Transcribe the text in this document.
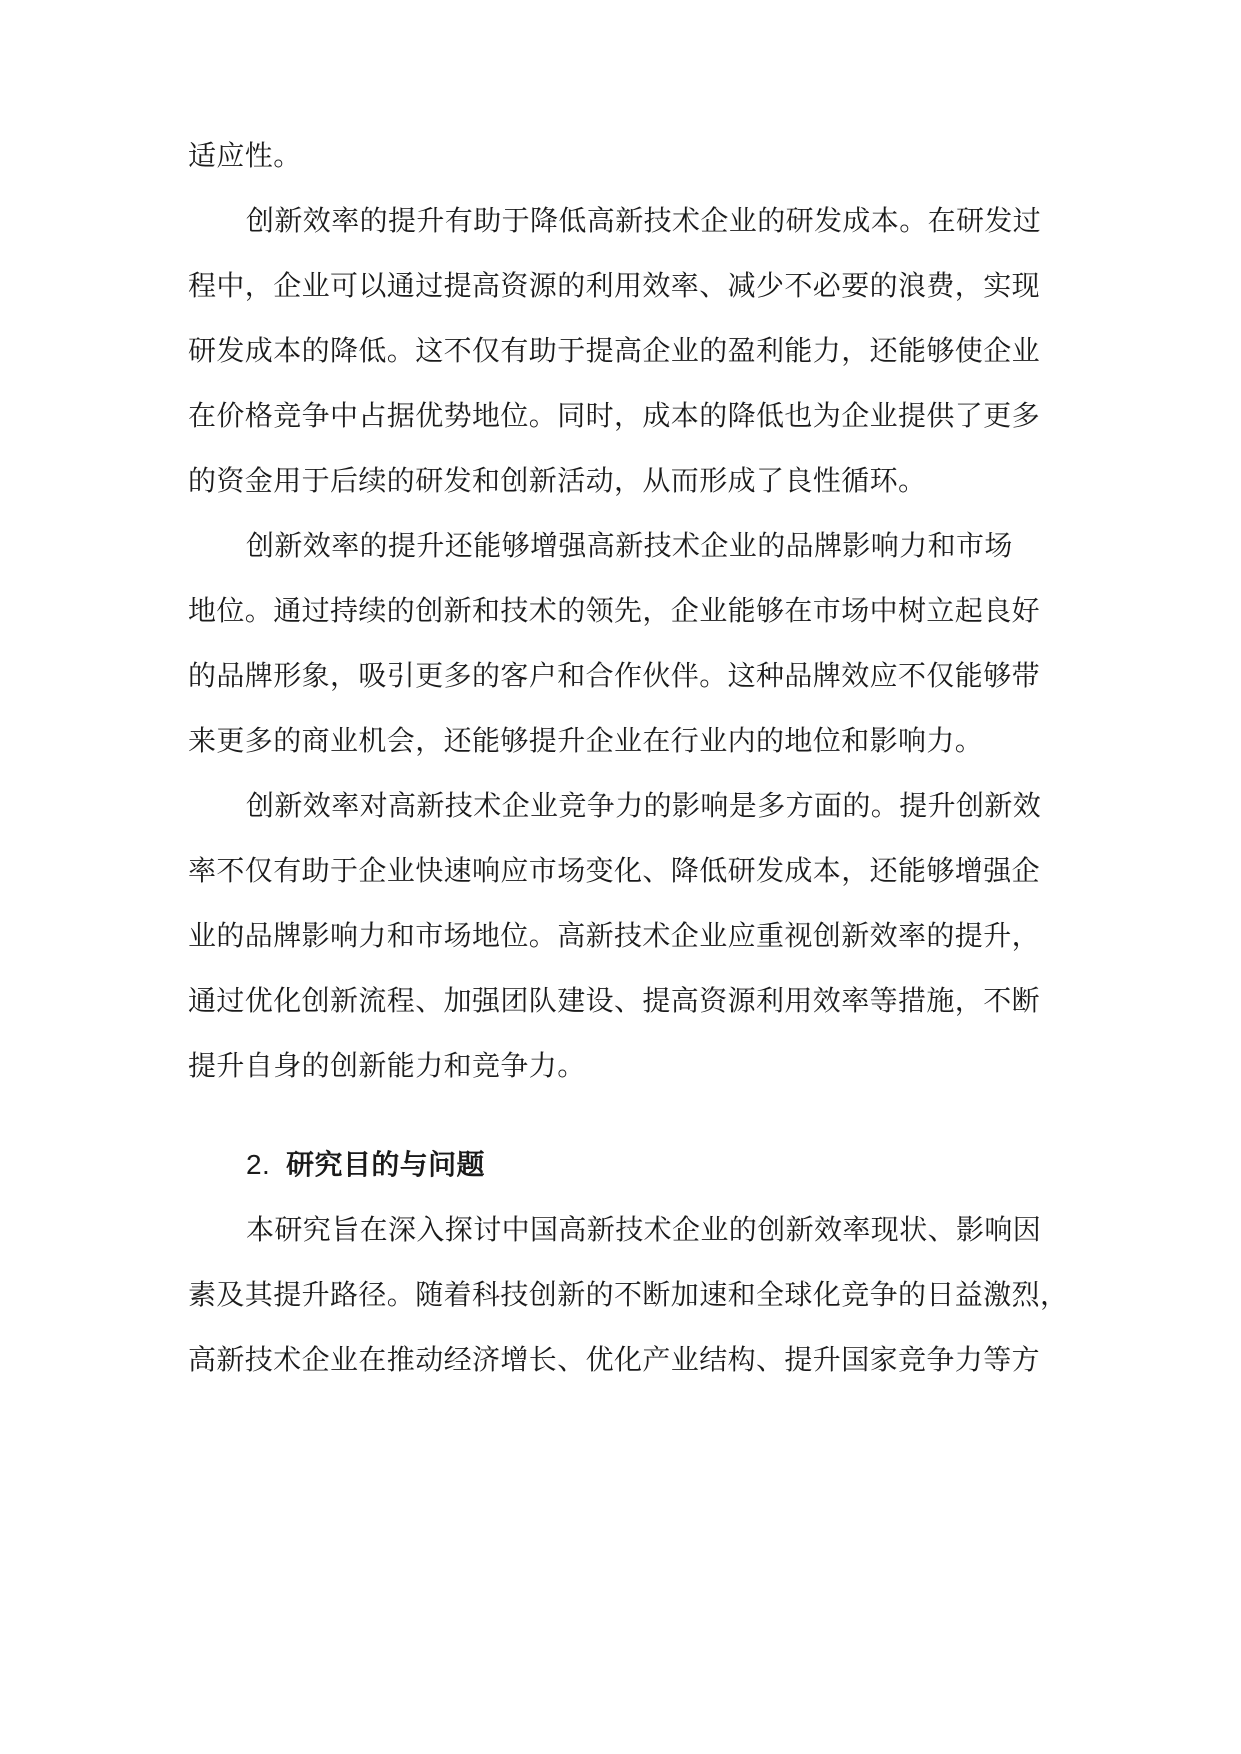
适应性。
创新效率的提升有助于降低高新技术企业的研发成本。在研发过
程中，企业可以通过提高资源的利用效率、减少不必要的浪费，实现
研发成本的降低。这不仅有助于提高企业的盈利能力，还能够使企业
在价格竞争中占据优势地位。同时，成本的降低也为企业提供了更多
的资金用于后续的研发和创新活动，从而形成了良性循环。
创新效率的提升还能够增强高新技术企业的品牌影响力和市场
地位。通过持续的创新和技术的领先，企业能够在市场中树立起良好
的品牌形象，吸引更多的客户和合作伙伴。这种品牌效应不仅能够带
来更多的商业机会，还能够提升企业在行业内的地位和影响力。
创新效率对高新技术企业竞争力的影响是多方面的。提升创新效
率不仅有助于企业快速响应市场变化、降低研发成本，还能够增强企
业的品牌影响力和市场地位。高新技术企业应重视创新效率的提升，
通过优化创新流程、加强团队建设、提高资源利用效率等措施，不断
提升自身的创新能力和竞争力。
2. 研究目的与问题
本研究旨在深入探讨中国高新技术企业的创新效率现状、影响因
素及其提升路径。随着科技创新的不断加速和全球化竞争的日益激烈，
高新技术企业在推动经济增长、优化产业结构、提升国家竞争力等方
